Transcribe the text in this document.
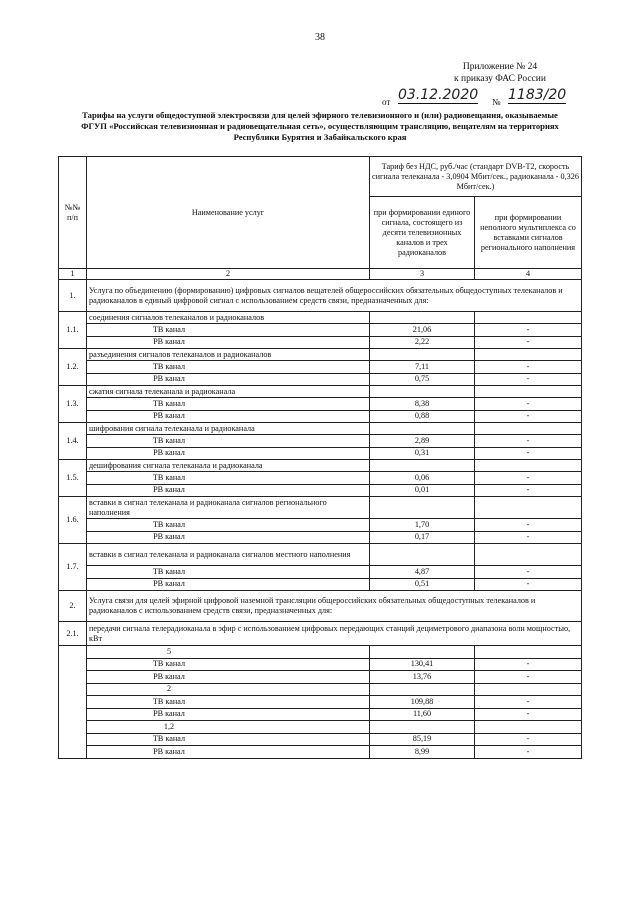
38
Приложение № 24
к приказу ФАС России
от 03.12.2020 № 1183/20
Тарифы на услуги общедоступной электросвязи для целей эфирного телевизионного и (или) радиовещания, оказываемые
ФГУП «Российская телевизионная и радиовещательная сеть», осуществляющим трансляцию, вещателям на территориях
Республики Бурятия и Забайкальского края
№№ п/п	Наименование услуг	Тариф без НДС, руб./час (стандарт DVB-T2, скорость сигнала телеканала - 3,0904 Мбит/сек., радиоканала - 0,326 Мбит/сек.)	
		при формировании единого сигнала, состоящего из десяти телевизионных каналов и трех радиоканалов	при формировании неполного мультиплекса со вставками сигналов регионального наполнения
1	2	3	4
1.	Услуга по объединению (формированию) цифровых сигналов вещателей общероссийских обязательных общедоступных телеканалов и радиоканалов в единый цифровой сигнал с использованием средств связи, предназначенных для:		
1.1.	соединения сигналов телеканалов и радиоканалов		
	ТВ канал	21,06	-
	РВ канал	2,22	-
1.2.	разъединения сигналов телеканалов и радиоканалов		
	ТВ канал	7,11	-
	РВ канал	0,75	-
1.3.	сжатия сигнала телеканала и радиоканала		
	ТВ канал	8,38	-
	РВ канал	0,88	-
1.4.	шифрования сигнала телеканала и радиоканала		
	ТВ канал	2,89	-
	РВ канал	0,31	-
1.5.	дешифрования сигнала телеканала и радиоканала		
	ТВ канал	0,06	-
	РВ канал	0,01	-
1.6.	вставки в сигнал телеканала и радиоканала сигналов регионального наполнения		
	ТВ канал	1,70	-
	РВ канал	0,17	-
1.7.	вставки в сигнал телеканала и радиоканала сигналов местного наполнения		
	ТВ канал	4,87	-
	РВ канал	0,51	-
2.	Услуга связи для целей эфирной цифровой наземной трансляции общероссийских обязательных общедоступных телеканалов и радиоканалов с использованием средств связи, предназначенных для:		
2.1.	передачи сигнала телерадиоканала в эфир с использованием цифровых передающих станций дециметрового диапазона волн мощностью, кВт		
	5		
	ТВ канал	130,41	-
	РВ канал	13,76	-
	2		
	ТВ канал	109,88	-
	РВ канал	11,60	-
	1,2		
	ТВ канал	85,19	-
	РВ канал	8,99	-
